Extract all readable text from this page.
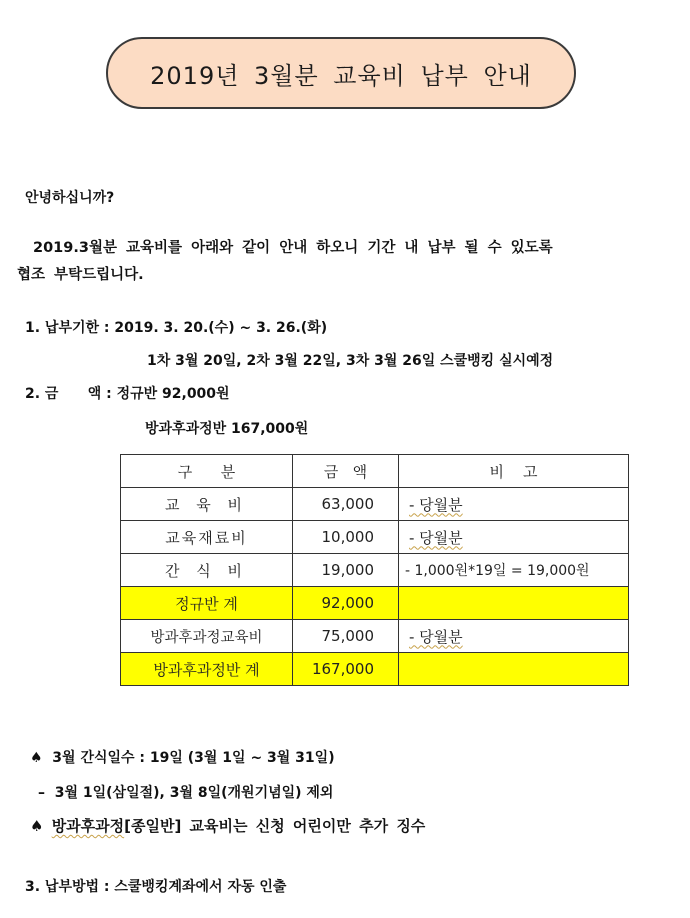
2019년 3월분 교육비 납부 안내
안녕하십니까?
2019.3월분 교육비를 아래와 같이 안내 하오니 기간 내 납부 될 수 있도록
협조 부탁드립니다.
1. 납부기한 : 2019. 3. 20.(수) ~ 3. 26.(화)
1차 3월 20일, 2차 3월 22일, 3차 3월 26일 스쿨뱅킹 실시예정
2. 금      액 : 정규반 92,000원
방과후과정반 167,000원
구      분	금   액	비    고
교 육 비	63,000	- 당월분
교육재료비	10,000	- 당월분
간 식 비	19,000	- 1,000원*19일 = 19,000원
정규반 계	92,000	
방과후과정교육비	75,000	- 당월분
방과후과정반 계	167,000	
♠  3월 간식일수 : 19일 (3월 1일 ~ 3월 31일)
–  3월 1일(삼일절), 3월 8일(개원기념일) 제외
♠ 방과후과정[종일반] 교육비는 신청 어린이만 추가 징수
3. 납부방법 : 스쿨뱅킹계좌에서 자동 인출
